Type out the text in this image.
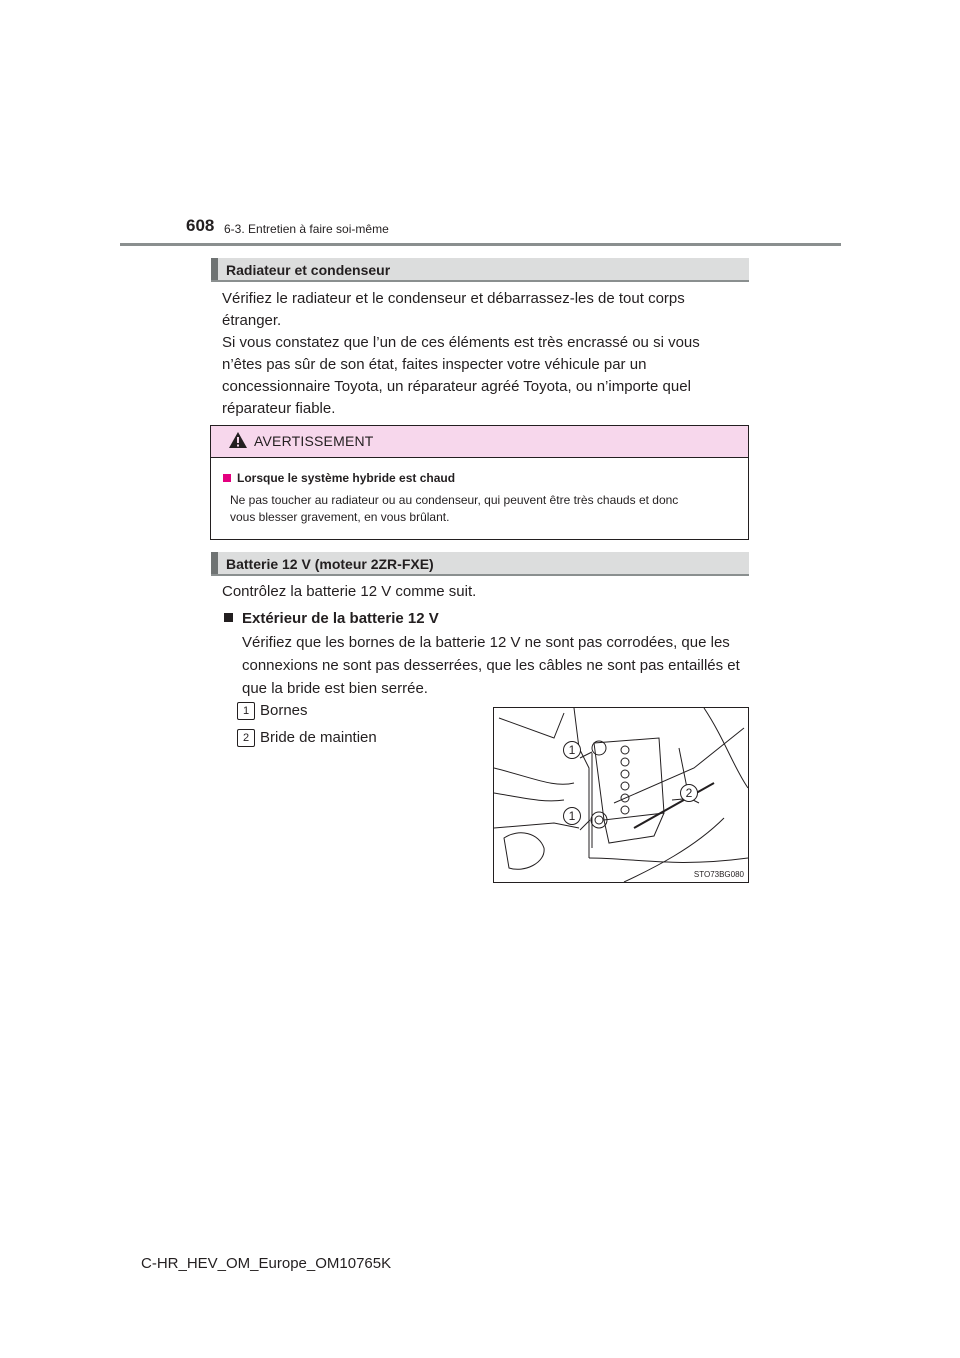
608 6-3. Entretien à faire soi-même
Radiateur et condenseur
Vérifiez le radiateur et le condenseur et débarrassez-les de tout corps
étranger.
Si vous constatez que l’un de ces éléments est très encrassé ou si vous
n’êtes pas sûr de son état, faites inspecter votre véhicule par un
concessionnaire Toyota, un réparateur agréé Toyota, ou n’importe quel
réparateur fiable.
AVERTISSEMENT
Lorsque le système hybride est chaud
Ne pas toucher au radiateur ou au condenseur, qui peuvent être très chauds et donc
vous blesser gravement, en vous brûlant.
Batterie 12 V (moteur 2ZR-FXE)
Contrôlez la batterie 12 V comme suit.
Extérieur de la batterie 12 V
Vérifiez que les bornes de la batterie 12 V ne sont pas corrodées, que les
connexions ne sont pas desserrées, que les câbles ne sont pas entaillés et
que la bride est bien serrée.
1 Bornes
2 Bride de maintien
1
1
2
STO73BG080
C-HR_HEV_OM_Europe_OM10765K
